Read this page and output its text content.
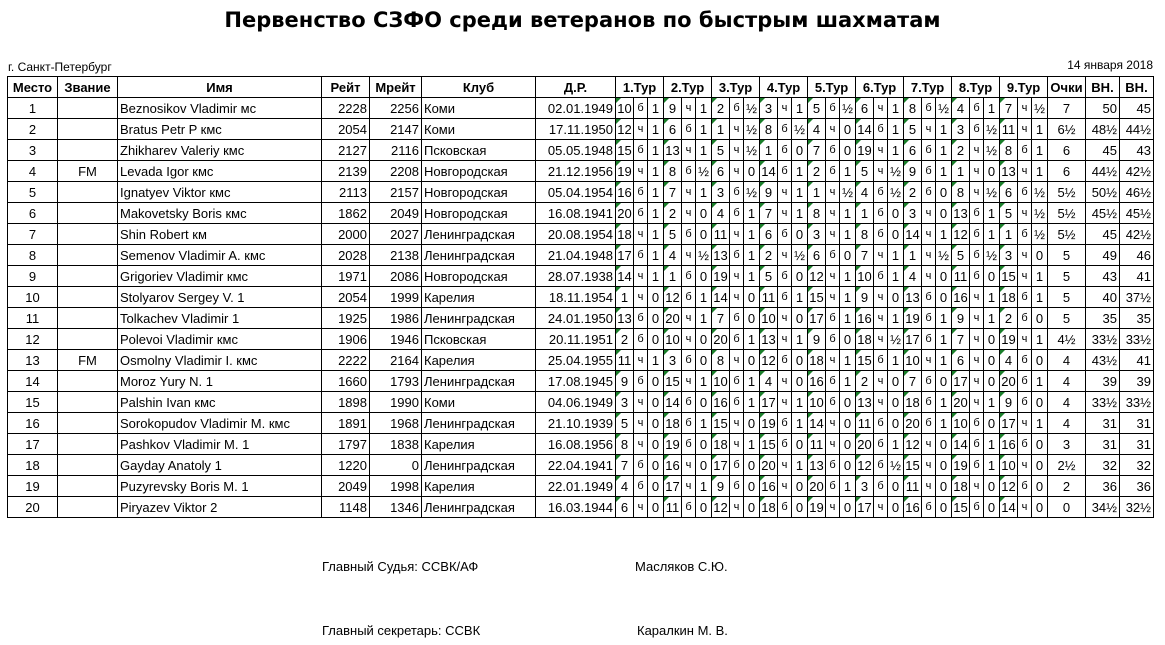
Первенство СЗФО среди ветеранов по быстрым шахматам
г. Санкт-Петербург	14 января 2018
Место	Звание	Имя	Рейт	Мрейт	Клуб	Д.Р.	1.Тур			2.Тур			3.Тур			4.Тур			5.Тур			6.Тур			7.Тур			8.Тур			9.Тур			Очки	ВН.	ВН.
1		Beznosikov Vladimir мс	2228	2256	Коми	02.01.1949	10	б	1	9	ч	1	2	б	½	3	ч	1	5	б	½	6	ч	1	8	б	½	4	б	1	7	ч	½	7	50	45
2		Bratus Petr P кмс	2054	2147	Коми	17.11.1950	12	ч	1	6	б	1	1	ч	½	8	б	½	4	ч	0	14	б	1	5	ч	1	3	б	½	11	ч	1	6½	48½	44½
3		Zhikharev Valeriy кмс	2127	2116	Псковская	05.05.1948	15	б	1	13	ч	1	5	ч	½	1	б	0	7	б	0	19	ч	1	6	б	1	2	ч	½	8	б	1	6	45	43
4	FM	Levada Igor кмс	2139	2208	Новгородская	21.12.1956	19	ч	1	8	б	½	6	ч	0	14	б	1	2	б	1	5	ч	½	9	б	1	1	ч	0	13	ч	1	6	44½	42½
5		Ignatyev Viktor кмс	2113	2157	Новгородская	05.04.1954	16	б	1	7	ч	1	3	б	½	9	ч	1	1	ч	½	4	б	½	2	б	0	8	ч	½	6	б	½	5½	50½	46½
6		Makovetsky Boris кмс	1862	2049	Новгородская	16.08.1941	20	б	1	2	ч	0	4	б	1	7	ч	1	8	ч	1	1	б	0	3	ч	0	13	б	1	5	ч	½	5½	45½	45½
7		Shin Robert км	2000	2027	Ленинградская	20.08.1954	18	ч	1	5	б	0	11	ч	1	6	б	0	3	ч	1	8	б	0	14	ч	1	12	б	1	1	б	½	5½	45	42½
8		Semenov Vladimir A. кмс	2028	2138	Ленинградская	21.04.1948	17	б	1	4	ч	½	13	б	1	2	ч	½	6	б	0	7	ч	1	1	ч	½	5	б	½	3	ч	0	5	49	46
9		Grigoriev Vladimir кмс	1971	2086	Новгородская	28.07.1938	14	ч	1	1	б	0	19	ч	1	5	б	0	12	ч	1	10	б	1	4	ч	0	11	б	0	15	ч	1	5	43	41
10		Stolyarov Sergey V. 1	2054	1999	Карелия	18.11.1954	1	ч	0	12	б	1	14	ч	0	11	б	1	15	ч	1	9	ч	0	13	б	0	16	ч	1	18	б	1	5	40	37½
11		Tolkachev Vladimir 1	1925	1986	Ленинградская	24.01.1950	13	б	0	20	ч	1	7	б	0	10	ч	0	17	б	1	16	ч	1	19	б	1	9	ч	1	2	б	0	5	35	35
12		Polevoi Vladimir кмс	1906	1946	Псковская	20.11.1951	2	б	0	10	ч	0	20	б	1	13	ч	1	9	б	0	18	ч	½	17	б	1	7	ч	0	19	ч	1	4½	33½	33½
13	FM	Osmolny Vladimir I. кмс	2222	2164	Карелия	25.04.1955	11	ч	1	3	б	0	8	ч	0	12	б	0	18	ч	1	15	б	1	10	ч	1	6	ч	0	4	б	0	4	43½	41
14		Moroz Yury N. 1	1660	1793	Ленинградская	17.08.1945	9	б	0	15	ч	1	10	б	1	4	ч	0	16	б	1	2	ч	0	7	б	0	17	ч	0	20	б	1	4	39	39
15		Palshin Ivan кмс	1898	1990	Коми	04.06.1949	3	ч	0	14	б	0	16	б	1	17	ч	1	10	б	0	13	ч	0	18	б	1	20	ч	1	9	б	0	4	33½	33½
16		Sorokopudov Vladimir M. кмс	1891	1968	Ленинградская	21.10.1939	5	ч	0	18	б	1	15	ч	0	19	б	1	14	ч	0	11	б	0	20	б	1	10	б	0	17	ч	1	4	31	31
17		Pashkov Vladimir M. 1	1797	1838	Карелия	16.08.1956	8	ч	0	19	б	0	18	ч	1	15	б	0	11	ч	0	20	б	1	12	ч	0	14	б	1	16	б	0	3	31	31
18		Gayday Anatoly 1	1220	0	Ленинградская	22.04.1941	7	б	0	16	ч	0	17	б	0	20	ч	1	13	б	0	12	б	½	15	ч	0	19	б	1	10	ч	0	2½	32	32
19		Puzyrevsky Boris M. 1	2049	1998	Карелия	22.01.1949	4	б	0	17	ч	1	9	б	0	16	ч	0	20	б	1	3	б	0	11	ч	0	18	ч	0	12	б	0	2	36	36
20		Piryazev Viktor 2	1148	1346	Ленинградская	16.03.1944	6	ч	0	11	б	0	12	ч	0	18	б	0	19	ч	0	17	ч	0	16	б	0	15	б	0	14	ч	0	0	34½	32½
Главный Судья: ССВК/АФ	Масляков С.Ю.
Главный секретарь: ССВК	Каралкин М. В.
